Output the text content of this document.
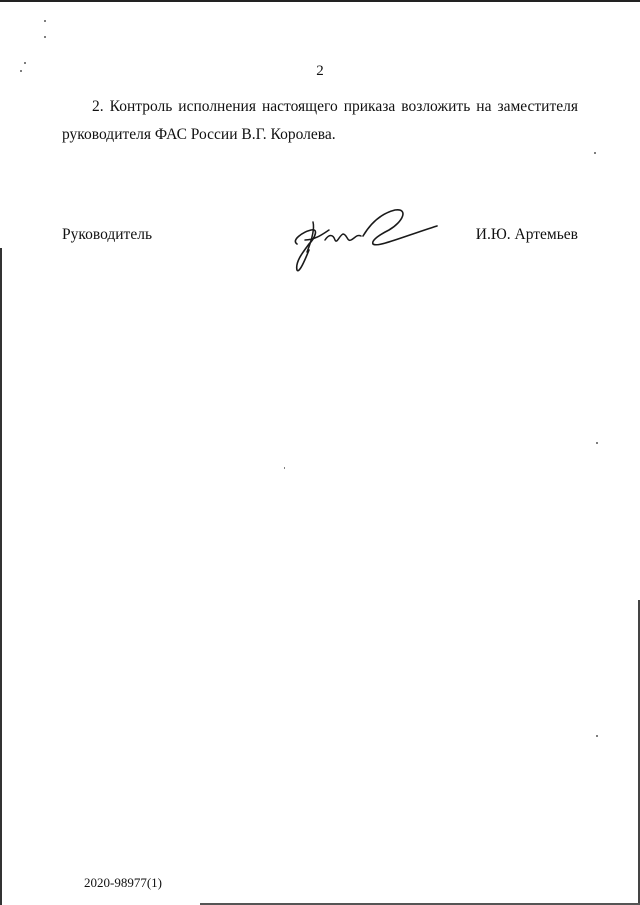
2
2. Контроль исполнения настоящего приказа возложить на заместителя
руководителя ФАС России В.Г. Королева.
Руководитель	И.Ю. Артемьев
2020-98977(1)
